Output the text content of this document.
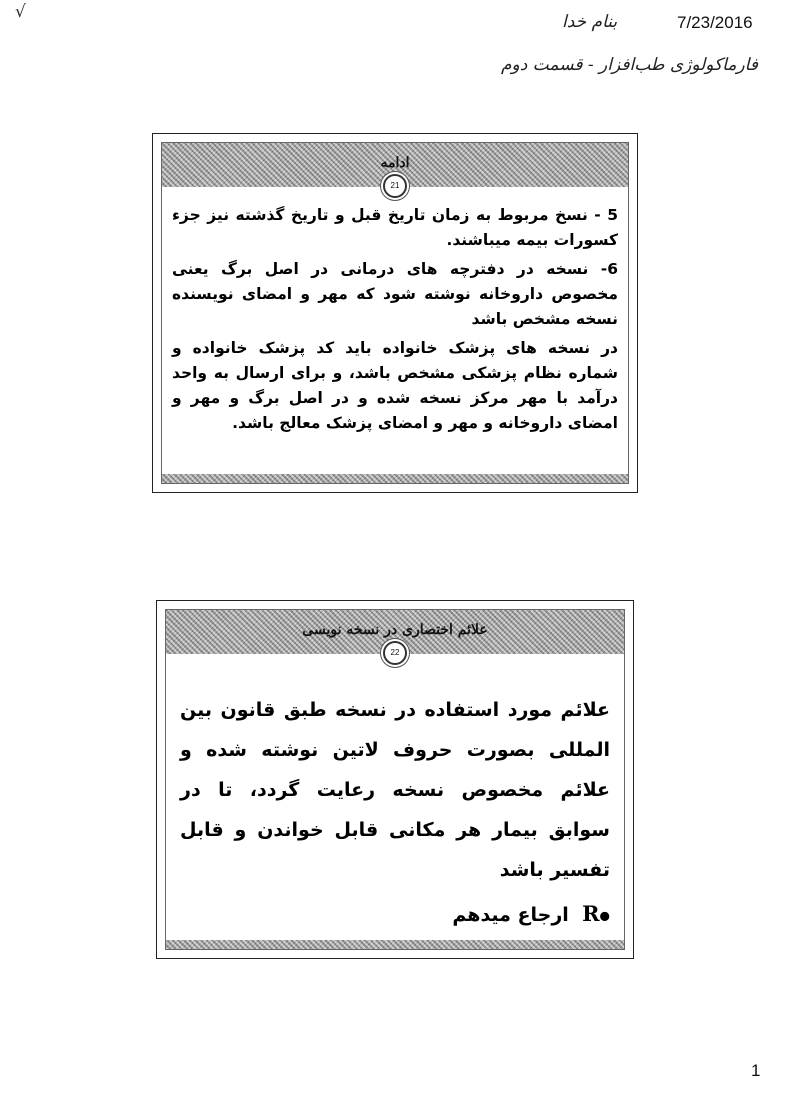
√	بنام خدا	7/23/2016
فارماکولوژی طب‌افزار - قسمت دوم
ادامه
21

5 - نسخ مربوط به زمان تاریخ قبل و تاریخ گذشته نیز جزء کسورات بیمه میباشند.

6- نسخه در دفترچه های درمانی در اصل برگ یعنی مخصوص داروخانه نوشته شود که مهر و امضای نویسنده نسخه مشخص باشد

در نسخه های پزشک خانواده باید کد پزشک خانواده و شماره نظام پزشکی مشخص باشد، و برای ارسال به واحد درآمد با مهر مرکز نسخه شده و در اصل برگ و مهر و امضای داروخانه و مهر و امضای پزشک معالج باشد.

علائم اختصاری در نسخه نویسی
22

علائم مورد استفاده در نسخه طبق قانون بین المللی بصورت حروف لاتین نوشته شده و علائم مخصوص نسخه رعایت گردد، تا در سوابق بیمار هر مکانی قابل خواندن و قابل تفسیر باشد

●R  ارجاع میدهم

1
